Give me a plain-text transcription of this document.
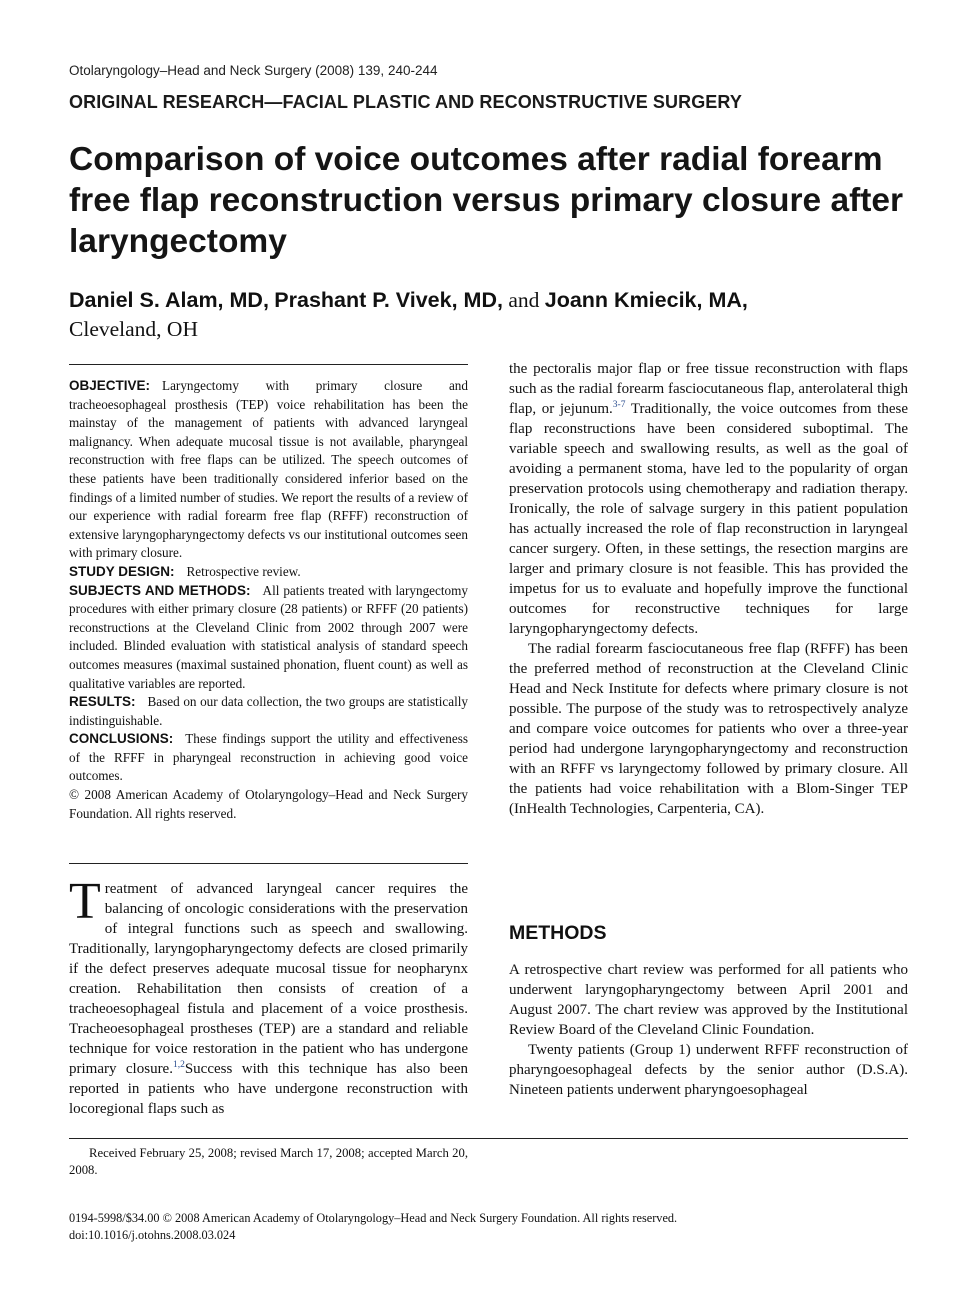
Otolaryngology–Head and Neck Surgery (2008) 139, 240-244
ORIGINAL RESEARCH—FACIAL PLASTIC AND RECONSTRUCTIVE SURGERY
Comparison of voice outcomes after radial forearm free flap reconstruction versus primary closure after laryngectomy
Daniel S. Alam, MD, Prashant P. Vivek, MD, and Joann Kmiecik, MA,
Cleveland, OH

OBJECTIVE: Laryngectomy with primary closure and tracheoesophageal prosthesis (TEP) voice rehabilitation has been the mainstay of the management of patients with advanced laryngeal malignancy. When adequate mucosal tissue is not available, pharyngeal reconstruction with free flaps can be utilized. The speech outcomes of these patients have been traditionally considered inferior based on the findings of a limited number of studies. We report the results of a review of our experience with radial forearm free flap (RFFF) reconstruction of extensive laryngopharyngectomy defects vs our institutional outcomes seen with primary closure.

STUDY DESIGN: Retrospective review.

SUBJECTS AND METHODS: All patients treated with laryngectomy procedures with either primary closure (28 patients) or RFFF (20 patients) reconstructions at the Cleveland Clinic from 2002 through 2007 were included. Blinded evaluation with statistical analysis of standard speech outcomes measures (maximal sustained phonation, fluent count) as well as qualitative variables are reported.

RESULTS: Based on our data collection, the two groups are statistically indistinguishable.

CONCLUSIONS: These findings support the utility and effectiveness of the RFFF in pharyngeal reconstruction in achieving good voice outcomes.

© 2008 American Academy of Otolaryngology–Head and Neck Surgery Foundation. All rights reserved.

Treatment of advanced laryngeal cancer requires the balancing of oncologic considerations with the preservation of integral functions such as speech and swallowing. Traditionally, laryngopharyngectomy defects are closed primarily if the defect preserves adequate mucosal tissue for neopharynx creation. Rehabilitation then consists of creation of a tracheoesophageal fistula and placement of a voice prosthesis. Tracheoesophageal prostheses (TEP) are a standard and reliable technique for voice restoration in the patient who has undergone primary closure.$^{1,2}$Success with this technique has also been reported in patients who have undergone reconstruction with locoregional flaps such as

the pectoralis major flap or free tissue reconstruction with flaps such as the radial forearm fasciocutaneous flap, anterolateral thigh flap, or jejunum.$^{3-7}$ Traditionally, the voice outcomes from these flap reconstructions have been considered suboptimal. The variable speech and swallowing results, as well as the goal of avoiding a permanent stoma, have led to the popularity of organ preservation protocols using chemotherapy and radiation therapy. Ironically, the role of salvage surgery in this patient population has actually increased the role of flap reconstruction in laryngeal cancer surgery. Often, in these settings, the resection margins are larger and primary closure is not feasible. This has provided the impetus for us to evaluate and hopefully improve the functional outcomes for reconstructive techniques for large laryngopharyngectomy defects.

The radial forearm fasciocutaneous free flap (RFFF) has been the preferred method of reconstruction at the Cleveland Clinic Head and Neck Institute for defects where primary closure is not possible. The purpose of the study was to retrospectively analyze and compare voice outcomes for patients who over a three-year period had undergone laryngopharyngectomy and reconstruction with an RFFF vs laryngectomy followed by primary closure. All the patients had voice rehabilitation with a Blom-Singer TEP (InHealth Technologies, Carpenteria, CA).

METHODS

A retrospective chart review was performed for all patients who underwent laryngopharyngectomy between April 2001 and August 2007. The chart review was approved by the Institutional Review Board of the Cleveland Clinic Foundation.

Twenty patients (Group 1) underwent RFFF reconstruction of pharyngoesophageal defects by the senior author (D.S.A). Nineteen patients underwent pharyngoesophageal

Received February 25, 2008; revised March 17, 2008; accepted March 20, 2008.
0194-5998/$34.00 © 2008 American Academy of Otolaryngology–Head and Neck Surgery Foundation. All rights reserved.
doi:10.1016/j.otohns.2008.03.024
